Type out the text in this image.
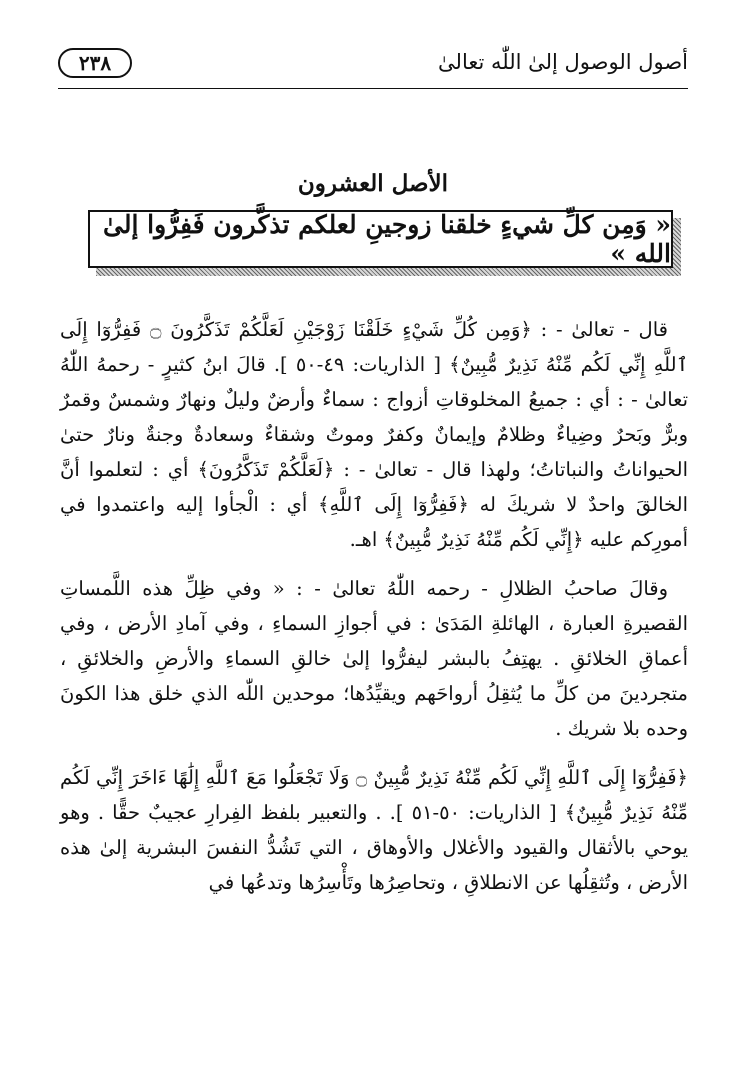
٢٣٨	أصول الوصول إلىٰ اللّٰه تعالىٰ
الأصل العشرون
« وَمِن كلِّ شيءٍ خلقنا زوجينِ لعلكم تذكَّرون فَفِرُّوا إلىٰ الله »

قال - تعالىٰ - : ﴿وَمِن كُلِّ شَيْءٍ خَلَقْنَا زَوْجَيْنِ لَعَلَّكُمْ تَذَكَّرُونَ ۝ فَفِرُّوٓا إِلَى ٱللَّهِ إِنِّي لَكُم مِّنْهُ نَذِيرٌ مُّبِينٌ﴾ [ الذاريات: ٤٩-٥٠ ]. قالَ ابنُ كثيرٍ - رحمهُ اللّٰهُ تعالىٰ - : أي : جميعُ المخلوقاتِ أزواج : سماءٌ وأرضٌ وليلٌ ونهارٌ وشمسٌ وقمرٌ وبرٌّ وبَحرٌ وضِياءٌ وظلامٌ وإيمانٌ وكفرٌ وموتٌ وشقاءٌ وسعادةٌ وجنةٌ ونارٌ حتىٰ الحيواناتُ والنباتاتُ؛ ولهذا قال - تعالىٰ - : ﴿لَعَلَّكُمْ تَذَكَّرُونَ﴾ أي : لتعلموا أنَّ الخالقَ واحدٌ لا شريكَ له ﴿فَفِرُّوٓا إِلَى ٱللَّهِ﴾ أي : الْجأوا إليه واعتمدوا في أمورِكم عليه ﴿إِنِّي لَكُم مِّنْهُ نَذِيرٌ مُّبِينٌ﴾ اهـ.

وقالَ صاحبُ الظلالِ - رحمه اللّٰهُ تعالىٰ - : « وفي ظِلِّ هذه اللَّمساتِ القصيرةِ العبارة ، الهائلةِ المَدَىٰ : في أجوازِ السماءِ ، وفي آمادِ الأرض ، وفي أعماقِ الخلائقِ . يهتِفُ بالبشر ليفرُّوا إلىٰ خالقِ السماءِ والأرضِ والخلائقِ ، متجردينَ من كلِّ ما يُثقِلُ أرواحَهم ويقيِّدُها؛ موحدين اللّٰه الذي خلق هذا الكونَ وحده بلا شريك .

﴿فَفِرُّوٓا إِلَى ٱللَّهِ إِنِّي لَكُم مِّنْهُ نَذِيرٌ مُّبِينٌ ۝ وَلَا تَجْعَلُوا مَعَ ٱللَّهِ إِلَٰهًا ءَاخَرَ إِنِّي لَكُم مِّنْهُ نَذِيرٌ مُّبِينٌ﴾ [ الذاريات: ٥٠-٥١ ]. . والتعبير بلفظ الفِرارِ عجيبٌ حقًّا . وهو يوحي بالأثقال والقيود والأغلال والأوهاق ، التي تَشُدُّ النفسَ البشرية إلىٰ هذه الأرض ، وتُثقِلُها عن الانطلاقِ ، وتحاصِرُها وتَأْسِرُها وتدعُها في
